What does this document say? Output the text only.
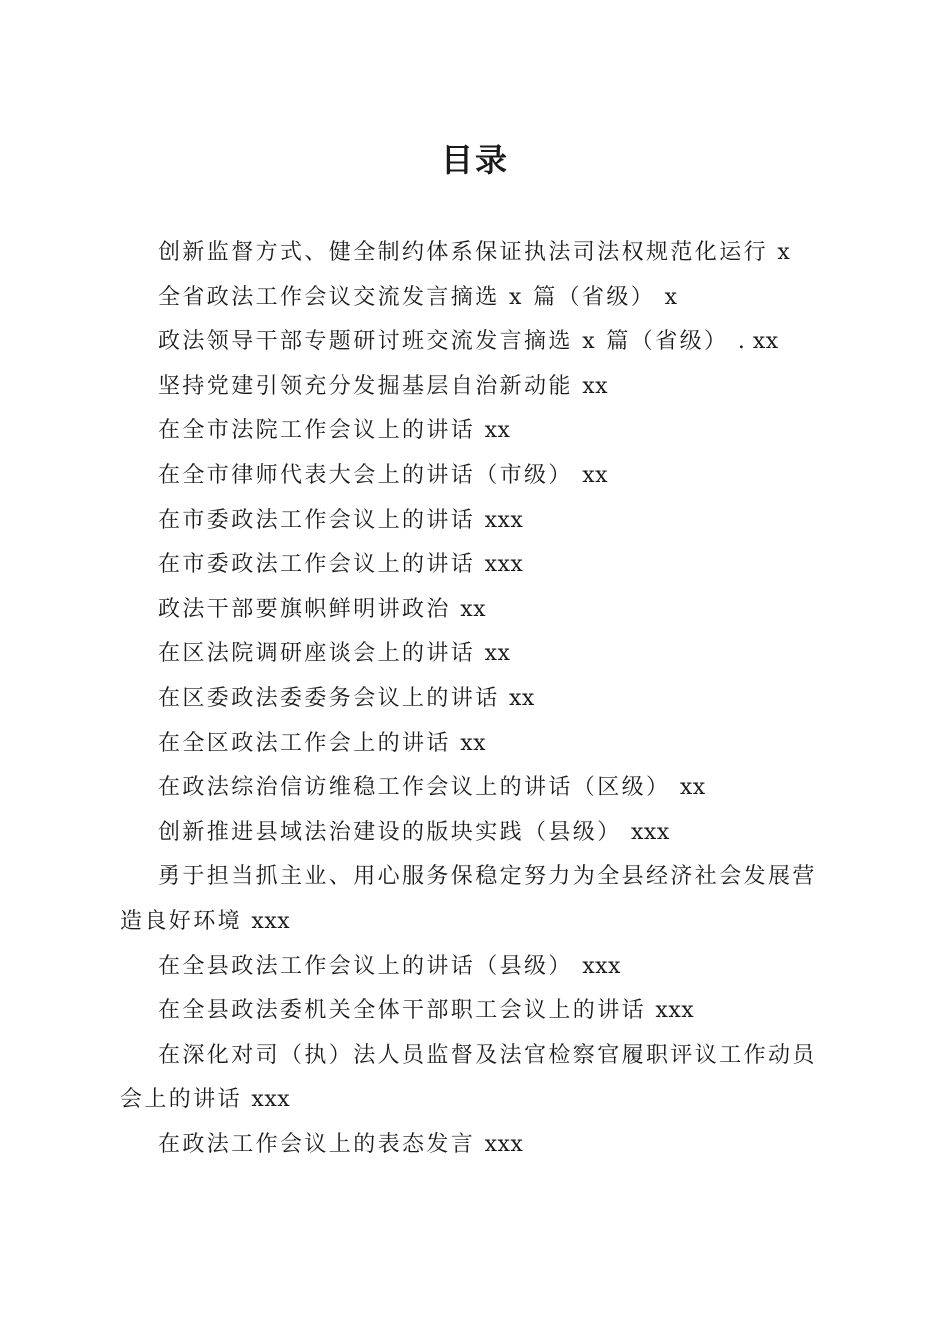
目录
创新监督方式、健全制约体系保证执法司法权规范化运行 x
全省政法工作会议交流发言摘选 x 篇（省级） x
政法领导干部专题研讨班交流发言摘选 x 篇（省级） . xx
坚持党建引领充分发掘基层自治新动能 xx
在全市法院工作会议上的讲话 xx
在全市律师代表大会上的讲话（市级） xx
在市委政法工作会议上的讲话 xxx
在市委政法工作会议上的讲话 xxx
政法干部要旗帜鲜明讲政治 xx
在区法院调研座谈会上的讲话 xx
在区委政法委委务会议上的讲话 xx
在全区政法工作会上的讲话 xx
在政法综治信访维稳工作会议上的讲话（区级） xx
创新推进县域法治建设的版块实践（县级） xxx
勇于担当抓主业、用心服务保稳定努力为全县经济社会发展营造良好环境 xxx
在全县政法工作会议上的讲话（县级） xxx
在全县政法委机关全体干部职工会议上的讲话 xxx
在深化对司（执）法人员监督及法官检察官履职评议工作动员会上的讲话 xxx
在政法工作会议上的表态发言 xxx
